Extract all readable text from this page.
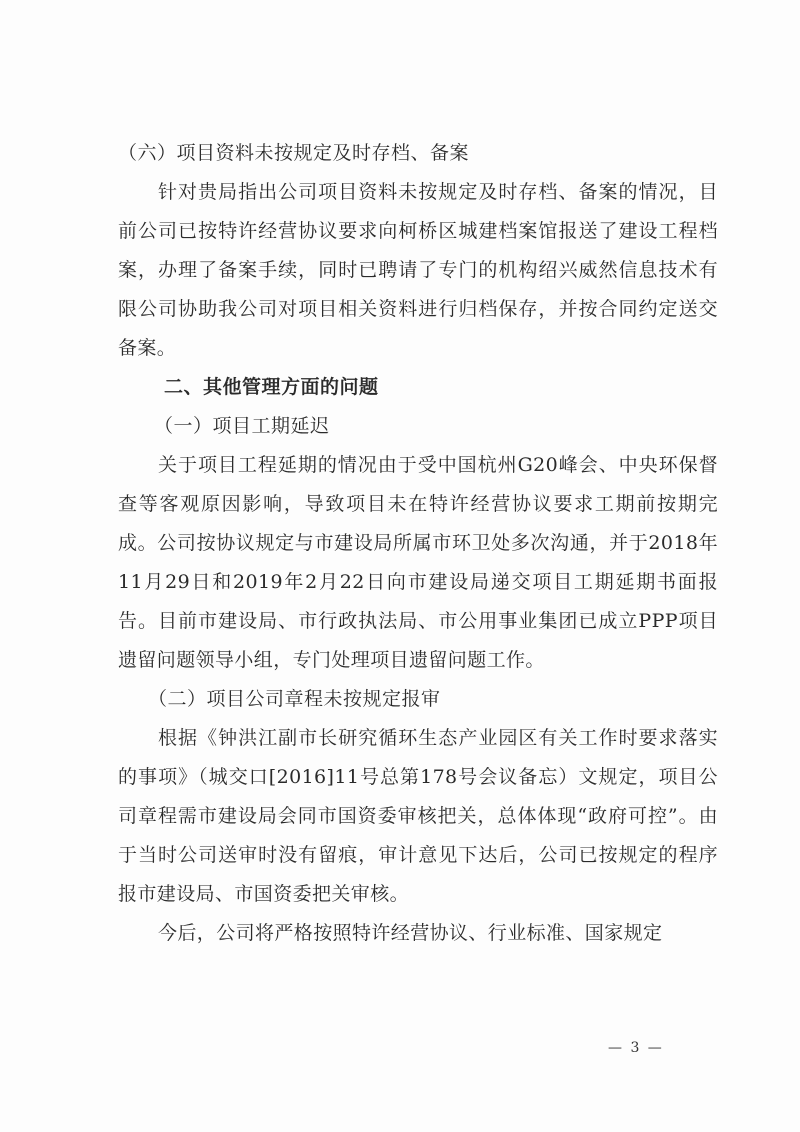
（六）项目资料未按规定及时存档、备案

针对贵局指出公司项目资料未按规定及时存档、备案的情况，目前公司已按特许经营协议要求向柯桥区城建档案馆报送了建设工程档案，办理了备案手续，同时已聘请了专门的机构绍兴威然信息技术有限公司协助我公司对项目相关资料进行归档保存，并按合同约定送交备案。

二、其他管理方面的问题
（一）项目工期延迟

关于项目工程延期的情况由于受中国杭州G20峰会、中央环保督查等客观原因影响，导致项目未在特许经营协议要求工期前按期完成。公司按协议规定与市建设局所属市环卫处多次沟通，并于2018年11月29日和2019年2月22日向市建设局递交项目工期延期书面报告。目前市建设局、市行政执法局、市公用事业集团已成立PPP项目遗留问题领导小组，专门处理项目遗留问题工作。

（二）项目公司章程未按规定报审

根据《钟洪江副市长研究循环生态产业园区有关工作时要求落实的事项》（城交口[2016]11号总第178号会议备忘）文规定，项目公司章程需市建设局会同市国资委审核把关，总体体现“政府可控”。由于当时公司送审时没有留痕，审计意见下达后，公司已按规定的程序报市建设局、市国资委把关审核。

今后，公司将严格按照特许经营协议、行业标准、国家规定

— 3 —
